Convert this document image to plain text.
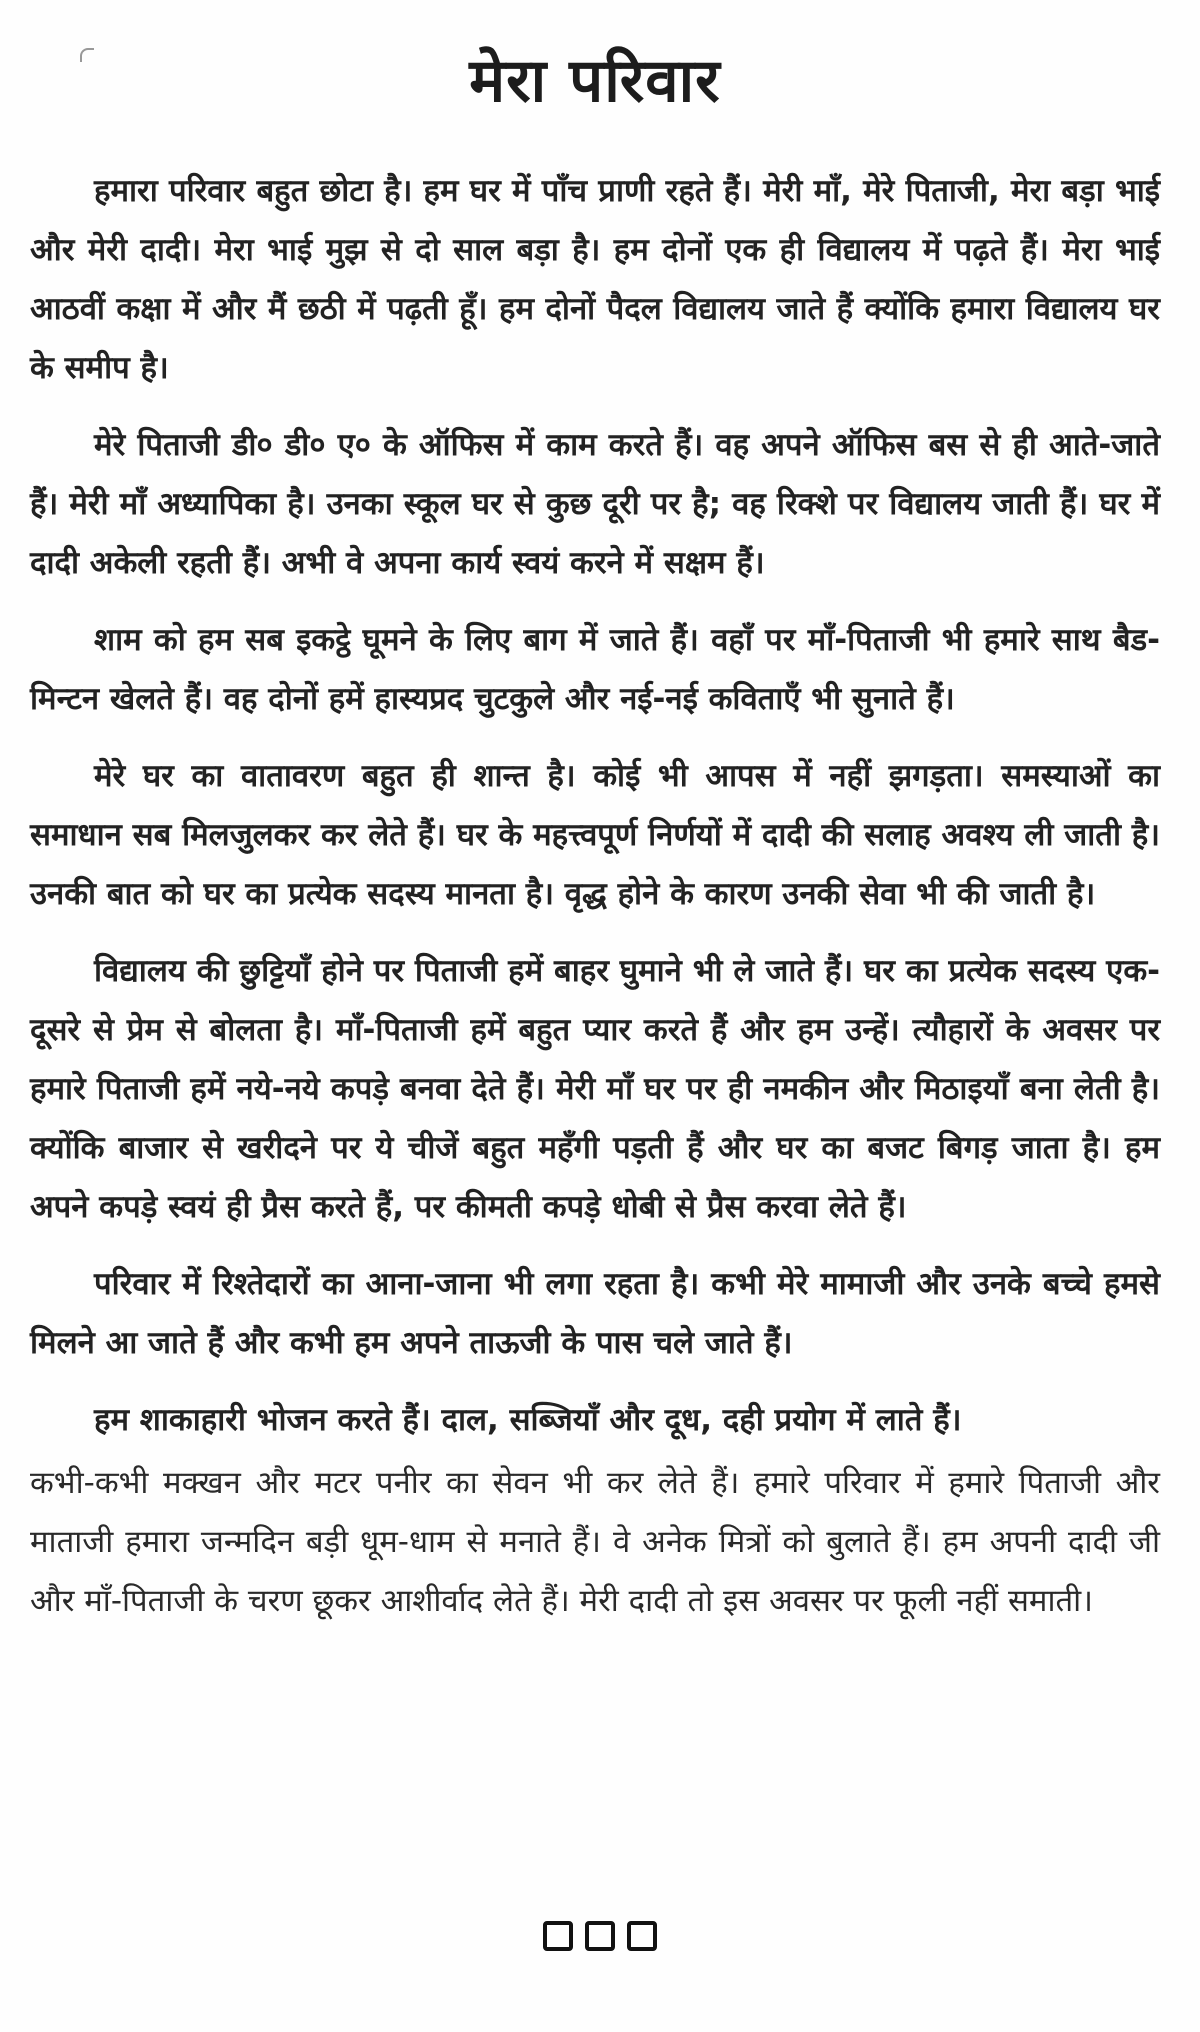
मेरा परिवार

हमारा परिवार बहुत छोटा है। हम घर में पाँच प्राणी रहते हैं। मेरी माँ, मेरे पिताजी, मेरा बड़ा भाई और मेरी दादी। मेरा भाई मुझ से दो साल बड़ा है। हम दोनों एक ही विद्यालय में पढ़ते हैं। मेरा भाई आठवीं कक्षा में और मैं छठी में पढ़ती हूँ। हम दोनों पैदल विद्यालय जाते हैं क्योंकि हमारा विद्यालय घर के समीप है।

मेरे पिताजी डी० डी० ए० के ऑफिस में काम करते हैं। वह अपने ऑफिस बस से ही आते-जाते हैं। मेरी माँ अध्यापिका है। उनका स्कूल घर से कुछ दूरी पर है; वह रिक्शे पर विद्यालय जाती हैं। घर में दादी अकेली रहती हैं। अभी वे अपना कार्य स्वयं करने में सक्षम हैं।

शाम को हम सब इकट्ठे घूमने के लिए बाग में जाते हैं। वहाँ पर माँ-पिताजी भी हमारे साथ बैड-मिन्टन खेलते हैं। वह दोनों हमें हास्यप्रद चुटकुले और नई-नई कविताएँ भी सुनाते हैं।

मेरे घर का वातावरण बहुत ही शान्त है। कोई भी आपस में नहीं झगड़ता। समस्याओं का समाधान सब मिलजुलकर कर लेते हैं। घर के महत्त्वपूर्ण निर्णयों में दादी की सलाह अवश्य ली जाती है। उनकी बात को घर का प्रत्येक सदस्य मानता है। वृद्ध होने के कारण उनकी सेवा भी की जाती है।

विद्यालय की छुट्टियाँ होने पर पिताजी हमें बाहर घुमाने भी ले जाते हैं। घर का प्रत्येक सदस्य एक-दूसरे से प्रेम से बोलता है। माँ-पिताजी हमें बहुत प्यार करते हैं और हम उन्हें। त्यौहारों के अवसर पर हमारे पिताजी हमें नये-नये कपड़े बनवा देते हैं। मेरी माँ घर पर ही नमकीन और मिठाइयाँ बना लेती है। क्योंकि बाजार से खरीदने पर ये चीजें बहुत महँगी पड़ती हैं और घर का बजट बिगड़ जाता है। हम अपने कपड़े स्वयं ही प्रैस करते हैं, पर कीमती कपड़े धोबी से प्रैस करवा लेते हैं।

परिवार में रिश्तेदारों का आना-जाना भी लगा रहता है। कभी मेरे मामाजी और उनके बच्चे हमसे मिलने आ जाते हैं और कभी हम अपने ताऊजी के पास चले जाते हैं।

हम शाकाहारी भोजन करते हैं। दाल, सब्जियाँ और दूध, दही प्रयोग में लाते हैं।

कभी-कभी मक्खन और मटर पनीर का सेवन भी कर लेते हैं। हमारे परिवार में हमारे पिताजी और माताजी हमारा जन्मदिन बड़ी धूम-धाम से मनाते हैं। वे अनेक मित्रों को बुलाते हैं। हम अपनी दादी जी और माँ-पिताजी के चरण छूकर आशीर्वाद लेते हैं। मेरी दादी तो इस अवसर पर फूली नहीं समाती।
